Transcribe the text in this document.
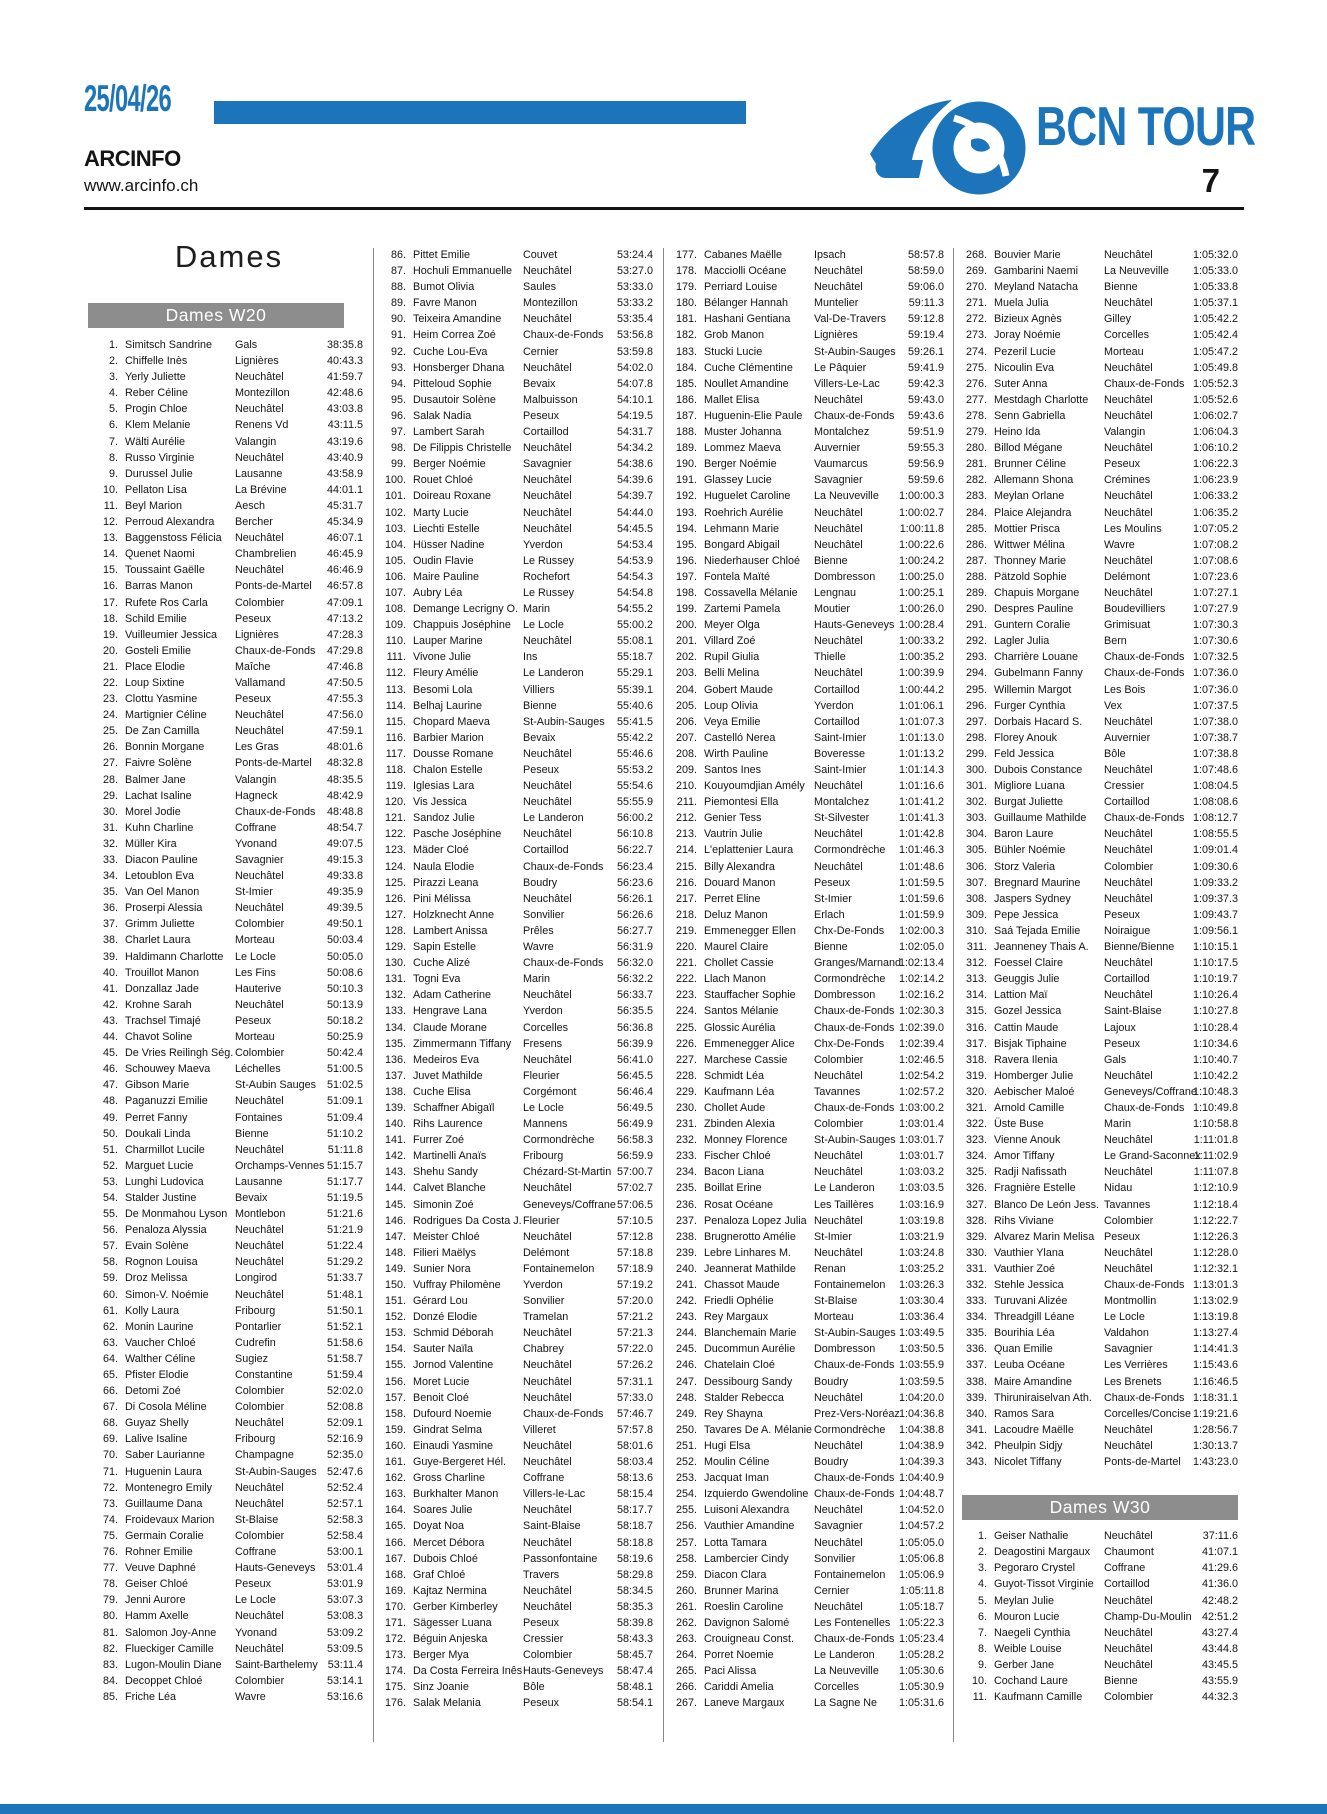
25/04/26
ARCINFO
www.arcinfo.ch
BCN TOUR
7
Dames
Dames W20
1. Simitsch Sandrine	Gals	38:35.8
2. Chiffelle Inès	Lignières	40:43.3
3. Yerly Juliette	Neuchâtel	41:59.7
4. Reber Céline	Montezillon	42:48.6
5. Progin Chloe	Neuchâtel	43:03.8
6. Klem Melanie	Renens Vd	43:11.5
7. Wälti Aurélie	Valangin	43:19.6
8. Russo Virginie	Neuchâtel	43:40.9
9. Durussel Julie	Lausanne	43:58.9
10. Pellaton Lisa	La Brévine	44:01.1
11. Beyl Marion	Aesch	45:31.7
12. Perroud Alexandra	Bercher	45:34.9
13. Baggenstoss Félicia	Neuchâtel	46:07.1
14. Quenet Naomi	Chambrelien	46:45.9
15. Toussaint Gaëlle	Neuchâtel	46:46.9
16. Barras Manon	Ponts-de-Martel	46:57.8
17. Rufete Ros Carla	Colombier	47:09.1
18. Schild Emilie	Peseux	47:13.2
19. Vuilleumier Jessica	Lignières	47:28.3
20. Gosteli Emilie	Chaux-de-Fonds	47:29.8
21. Place Elodie	Maîche	47:46.8
22. Loup Sixtine	Vallamand	47:50.5
23. Clottu Yasmine	Peseux	47:55.3
24. Martignier Céline	Neuchâtel	47:56.0
25. De Zan Camilla	Neuchâtel	47:59.1
26. Bonnin Morgane	Les Gras	48:01.6
27. Faivre Solène	Ponts-de-Martel	48:32.8
28. Balmer Jane	Valangin	48:35.5
29. Lachat Isaline	Hagneck	48:42.9
30. Morel Jodie	Chaux-de-Fonds	48:48.8
31. Kuhn Charline	Coffrane	48:54.7
32. Müller Kira	Yvonand	49:07.5
33. Diacon Pauline	Savagnier	49:15.3
34. Letoublon Eva	Neuchâtel	49:33.8
35. Van Oel Manon	St-Imier	49:35.9
36. Proserpi Alessia	Neuchâtel	49:39.5
37. Grimm Juliette	Colombier	49:50.1
38. Charlet Laura	Morteau	50:03.4
39. Haldimann Charlotte	Le Locle	50:05.0
40. Trouillot Manon	Les Fins	50:08.6
41. Donzallaz Jade	Hauterive	50:10.3
42. Krohne Sarah	Neuchâtel	50:13.9
43. Trachsel Timajé	Peseux	50:18.2
44. Chavot Soline	Morteau	50:25.9
45. De Vries Reilingh Ség. Colombier	50:42.4
46. Schouwey Maeva	Léchelles	51:00.5
47. Gibson Marie	St-Aubin Sauges	51:02.5
48. Paganuzzi Emilie	Neuchâtel	51:09.1
49. Perret Fanny	Fontaines	51:09.4
50. Doukali Linda	Bienne	51:10.2
51. Charmillot Lucile	Neuchâtel	51:11.8
52. Marguet Lucie	Orchamps-Vennes 51:15.7
53. Lunghi Ludovica	Lausanne	51:17.7
54. Stalder Justine	Bevaix	51:19.5
55. De Monmahou Lyson Montlebon	51:21.6
56. Penaloza Alyssia	Neuchâtel	51:21.9
57. Evain Solène	Neuchâtel	51:22.4
58. Rognon Louisa	Neuchâtel	51:29.2
59. Droz Melissa	Longirod	51:33.7
60. Simon-V. Noémie	Neuchâtel	51:48.1
61. Kolly Laura	Fribourg	51:50.1
62. Monin Laurine	Pontarlier	51:52.1
63. Vaucher Chloé	Cudrefin	51:58.6
64. Walther Céline	Sugiez	51:58.7
65. Pfister Elodie	Constantine	51:59.4
66. Detomi Zoé	Colombier	52:02.0
67. Di Cosola Méline	Colombier	52:08.8
68. Guyaz Shelly	Neuchâtel	52:09.1
69. Lalive Isaline	Fribourg	52:16.9
70. Saber Laurianne	Champagne	52:35.0
71. Huguenin Laura	St-Aubin-Sauges 52:47.6
72. Montenegro Emily	Neuchâtel	52:52.4
73. Guillaume Dana	Neuchâtel	52:57.1
74. Froidevaux Marion	St-Blaise	52:58.3
75. Germain Coralie	Colombier	52:58.4
76. Rohner Emilie	Coffrane	53:00.1
77. Veuve Daphné	Hauts-Geneveys	53:01.4
78. Geiser Chloé	Peseux	53:01.9
79. Jenni Aurore	Le Locle	53:07.3
80. Hamm Axelle	Neuchâtel	53:08.3
81. Salomon Joy-Anne	Yvonand	53:09.2
82. Flueckiger Camille	Neuchâtel	53:09.5
83. Lugon-Moulin Diane	Saint-Barthelemy 53:11.4
84. Decoppet Chloé	Colombier	53:14.1
85. Friche Léa	Wavre	53:16.6
86. Pittet Emilie	Couvet	53:24.4
87. Hochuli Emmanuelle	Neuchâtel	53:27.0
88. Bumot Olivia	Saules	53:33.0
89. Favre Manon	Montezillon	53:33.2
90. Teixeira Amandine	Neuchâtel	53:35.4
91. Heim Correa Zoé	Chaux-de-Fonds	53:56.8
92. Cuche Lou-Eva	Cernier	53:59.8
93. Honsberger Dhana	Neuchâtel	54:02.0
94. Pitteloud Sophie	Bevaix	54:07.8
95. Dusautoir Solène	Malbuisson	54:10.1
96. Salak Nadia	Peseux	54:19.5
97. Lambert Sarah	Cortaillod	54:31.7
98. De Filippis Christelle	Neuchâtel	54:34.2
99. Berger Noémie	Savagnier	54:38.6
100. Rouet Chloé	Neuchâtel	54:39.6
101. Doireau Roxane	Neuchâtel	54:39.7
102. Marty Lucie	Neuchâtel	54:44.0
103. Liechti Estelle	Neuchâtel	54:45.5
104. Hüsser Nadine	Yverdon	54:53.4
105. Oudin Flavie	Le Russey	54:53.9
106. Maire Pauline	Rochefort	54:54.3
107. Aubry Léa	Le Russey	54:54.8
108. Demange Lecrigny O. Marin	54:55.2
109. Chappuis Joséphine	Le Locle	55:00.2
110. Lauper Marine	Neuchâtel	55:08.1
111. Vivone Julie	Ins	55:18.7
112. Fleury Amélie	Le Landeron	55:29.1
113. Besomi Lola	Villiers	55:39.1
114. Belhaj Laurine	Bienne	55:40.6
115. Chopard Maeva	St-Aubin-Sauges	55:41.5
116. Barbier Marion	Bevaix	55:42.2
117. Dousse Romane	Neuchâtel	55:46.6
118. Chalon Estelle	Peseux	55:53.2
119. Iglesias Lara	Neuchâtel	55:54.6
120. Vis Jessica	Neuchâtel	55:55.9
121. Sandoz Julie	Le Landeron	56:00.2
122. Pasche Joséphine	Neuchâtel	56:10.8
123. Mäder Cloé	Cortaillod	56:22.7
124. Naula Elodie	Chaux-de-Fonds	56:23.4
125. Pirazzi Leana	Boudry	56:23.6
126. Pini Mélissa	Neuchâtel	56:26.1
127. Holzknecht Anne	Sonvilier	56:26.6
128. Lambert Anissa	Prêles	56:27.7
129. Sapin Estelle	Wavre	56:31.9
130. Cuche Alizé	Chaux-de-Fonds	56:32.0
131. Togni Eva	Marin	56:32.2
132. Adam Catherine	Neuchâtel	56:33.7
133. Hengrave Lana	Yverdon	56:35.5
134. Claude Morane	Corcelles	56:36.8
135. Zimmermann Tiffany	Fresens	56:39.9
136. Medeiros Eva	Neuchâtel	56:41.0
137. Juvet Mathilde	Fleurier	56:45.5
138. Cuche Elisa	Corgémont	56:46.4
139. Schaffner Abigaïl	Le Locle	56:49.5
140. Rihs Laurence	Mannens	56:49.9
141. Furrer Zoé	Cormondrèche	56:58.3
142. Martinelli Anaïs	Fribourg	56:59.9
143. Shehu Sandy	Chézard-St-Martin 57:00.7
144. Calvet Blanche	Neuchâtel	57:02.7
145. Simonin Zoé	Geneveys/Coffrane 57:06.5
146. Rodrigues Da Costa J. Fleurier	57:10.5
147. Meister Chloé	Neuchâtel	57:12.8
148. Filieri Maëlys	Delémont	57:18.8
149. Sunier Nora	Fontainemelon	57:18.9
150. Vuffray Philomène	Yverdon	57:19.2
151. Gérard Lou	Sonvilier	57:20.0
152. Donzé Elodie	Tramelan	57:21.2
153. Schmid Déborah	Neuchâtel	57:21.3
154. Sauter Naïla	Chabrey	57:22.0
155. Jornod Valentine	Neuchâtel	57:26.2
156. Moret Lucie	Neuchâtel	57:31.1
157. Benoit Cloé	Neuchâtel	57:33.0
158. Dufourd Noemie	Chaux-de-Fonds	57:46.7
159. Gindrat Selma	Villeret	57:57.8
160. Einaudi Yasmine	Neuchâtel	58:01.6
161. Guye-Bergeret Hél.	Neuchâtel	58:03.4
162. Gross Charline	Coffrane	58:13.6
163. Burkhalter Manon	Villers-le-Lac	58:15.4
164. Soares Julie	Neuchâtel	58:17.7
165. Doyat Noa	Saint-Blaise	58:18.7
166. Mercet Débora	Neuchâtel	58:18.8
167. Dubois Chloé	Passonfontaine	58:19.6
168. Graf Chloé	Travers	58:29.8
169. Kajtaz Nermina	Neuchâtel	58:34.5
170. Gerber Kimberley	Neuchâtel	58:35.3
171. Sägesser Luana	Peseux	58:39.8
172. Béguin Anjeska	Cressier	58:43.3
173. Berger Mya	Colombier	58:45.7
174. Da Costa Ferreira Inês Hauts-Geneveys	58:47.4
175. Sinz Joanie	Bôle	58:48.1
176. Salak Melania	Peseux	58:54.1
177. Cabanes Maëlle	Ipsach	58:57.8
178. Macciolli Océane	Neuchâtel	58:59.0
179. Perriard Louise	Neuchâtel	59:06.0
180. Bélanger Hannah	Muntelier	59:11.3
181. Hashani Gentiana	Val-De-Travers	59:12.8
182. Grob Manon	Lignières	59:19.4
183. Stucki Lucie	St-Aubin-Sauges	59:26.1
184. Cuche Clémentine	Le Pâquier	59:41.9
185. Noullet Amandine	Villers-Le-Lac	59:42.3
186. Mallet Elisa	Neuchâtel	59:43.0
187. Huguenin-Elie Paule	Chaux-de-Fonds	59:43.6
188. Muster Johanna	Montalchez	59:51.9
189. Lommez Maeva	Auvernier	59:55.3
190. Berger Noémie	Vaumarcus	59:56.9
191. Glassey Lucie	Savagnier	59:59.6
192. Huguelet Caroline	La Neuveville	1:00:00.3
193. Roehrich Aurélie	Neuchâtel	1:00:02.7
194. Lehmann Marie	Neuchâtel	1:00:11.8
195. Bongard Abigail	Neuchâtel	1:00:22.6
196. Niederhauser Chloé	Bienne	1:00:24.2
197. Fontela Maïté	Dombresson	1:00:25.0
198. Cossavella Mélanie	Lengnau	1:00:25.1
199. Zartemi Pamela	Moutier	1:00:26.0
200. Meyer Olga	Hauts-Geneveys 1:00:28.4
201. Villard Zoé	Neuchâtel	1:00:33.2
202. Rupil Giulia	Thielle	1:00:35.2
203. Belli Melina	Neuchâtel	1:00:39.9
204. Gobert Maude	Cortaillod	1:00:44.2
205. Loup Olivia	Yverdon	1:01:06.1
206. Veya Emilie	Cortaillod	1:01:07.3
207. Castelló Nerea	Saint-Imier	1:01:13.0
208. Wirth Pauline	Boveresse	1:01:13.2
209. Santos Ines	Saint-Imier	1:01:14.3
210. Kouyoumdjian Amély Neuchâtel	1:01:16.6
211. Piemontesi Ella	Montalchez	1:01:41.2
212. Genier Tess	St-Silvester	1:01:41.3
213. Vautrin Julie	Neuchâtel	1:01:42.8
214. L'eplattenier Laura	Cormondrèche	1:01:46.3
215. Billy Alexandra	Neuchâtel	1:01:48.6
216. Douard Manon	Peseux	1:01:59.5
217. Perret Eline	St-Imier	1:01:59.6
218. Deluz Manon	Erlach	1:01:59.9
219. Emmenegger Ellen	Chx-De-Fonds	1:02:00.3
220. Maurel Claire	Bienne	1:02:05.0
221. Chollet Cassie	Granges/Marnand
1:02:13.4
222. Llach Manon	Cormondrèche	1:02:14.2
223. Stauffacher Sophie	Dombresson	1:02:16.2
224. Santos Mélanie	Chaux-de-Fonds 1:02:30.3
225. Glossic Aurélia	Chaux-de-Fonds 1:02:39.0
226. Emmenegger Alice	Chx-De-Fonds	1:02:39.4
227. Marchese Cassie	Colombier	1:02:46.5
228. Schmidt Léa	Neuchâtel	1:02:54.2
229. Kaufmann Léa	Tavannes	1:02:57.2
230. Chollet Aude	Chaux-de-Fonds 1:03:00.2
231. Zbinden Alexia	Colombier	1:03:01.4
232. Monney Florence	St-Aubin-Sauges 1:03:01.7
233. Fischer Chloé	Neuchâtel	1:03:01.7
234. Bacon Liana	Neuchâtel	1:03:03.2
235. Boillat Erine	Le Landeron	1:03:03.5
236. Rosat Océane	Les Taillères	1:03:16.9
237. Penaloza Lopez Julia Neuchâtel	1:03:19.8
238. Brugnerotto Amélie	St-Imier	1:03:21.9
239. Lebre Linhares M.	Neuchâtel	1:03:24.8
240. Jeannerat Mathilde	Renan	1:03:25.2
241. Chassot Maude	Fontainemelon	1:03:26.3
242. Friedli Ophélie	St-Blaise	1:03:30.4
243. Rey Margaux	Morteau	1:03:36.4
244. Blanchemain Marie	St-Aubin-Sauges 1:03:49.5
245. Ducommun Aurélie	Dombresson	1:03:50.5
246. Chatelain Cloé	Chaux-de-Fonds 1:03:55.9
247. Dessibourg Sandy	Boudry	1:03:59.5
248. Stalder Rebecca	Neuchâtel	1:04:20.0
249. Rey Shayna	Prez-Vers-Noréaz 1:04:36.8
250. Tavares De A. Mélanie Cormondrèche	1:04:38.8
251. Hugi Elsa	Neuchâtel	1:04:38.9
252. Moulin Céline	Boudry	1:04:39.3
253. Jacquat Iman	Chaux-de-Fonds 1:04:40.9
254. Izquierdo Gwendoline Chaux-de-Fonds 1:04:48.7
255. Luisoni Alexandra	Neuchâtel	1:04:52.0
256. Vauthier Amandine	Savagnier	1:04:57.2
257. Lotta Tamara	Neuchâtel	1:05:05.0
258. Lambercier Cindy	Sonvilier	1:05:06.8
259. Diacon Clara	Fontainemelon	1:05:06.9
260. Brunner Marina	Cernier	1:05:11.8
261. Roeslin Caroline	Neuchâtel	1:05:18.7
262. Davignon Salomé	Les Fontenelles 1:05:22.3
263. Crouigneau Const.	Chaux-de-Fonds 1:05:23.4
264. Porret Noemie	Le Landeron	1:05:28.2
265. Paci Alissa	La Neuveville	1:05:30.6
266. Cariddi Amelia	Corcelles	1:05:30.9
267. Laneve Margaux	La Sagne Ne	1:05:31.6
268. Bouvier Marie	Neuchâtel	1:05:32.0
269. Gambarini Naemi	La Neuveville	1:05:33.0
270. Meyland Natacha	Bienne	1:05:33.8
271. Muela Julia	Neuchâtel	1:05:37.1
272. Bizieux Agnès	Gilley	1:05:42.2
273. Joray Noémie	Corcelles	1:05:42.4
274. Pezeril Lucie	Morteau	1:05:47.2
275. Nicoulin Eva	Neuchâtel	1:05:49.8
276. Suter Anna	Chaux-de-Fonds 1:05:52.3
277. Mestdagh Charlotte	Neuchâtel	1:05:52.6
278. Senn Gabriella	Neuchâtel	1:06:02.7
279. Heino Ida	Valangin	1:06:04.3
280. Billod Mégane	Neuchâtel	1:06:10.2
281. Brunner Céline	Peseux	1:06:22.3
282. Allemann Shona	Crémines	1:06:23.9
283. Meylan Orlane	Neuchâtel	1:06:33.2
284. Plaice Alejandra	Neuchâtel	1:06:35.2
285. Mottier Prisca	Les Moulins	1:07:05.2
286. Wittwer Mélina	Wavre	1:07:08.2
287. Thonney Marie	Neuchâtel	1:07:08.6
288. Pätzold Sophie	Delémont	1:07:23.6
289. Chapuis Morgane	Neuchâtel	1:07:27.1
290. Despres Pauline	Boudevilliers	1:07:27.9
291. Guntern Coralie	Grimisuat	1:07:30.3
292. Lagler Julia	Bern	1:07:30.6
293. Charrière Louane	Chaux-de-Fonds 1:07:32.5
294. Gubelmann Fanny	Chaux-de-Fonds 1:07:36.0
295. Willemin Margot	Les Bois	1:07:36.0
296. Furger Cynthia	Vex	1:07:37.5
297. Dorbais Hacard S.	Neuchâtel	1:07:38.0
298. Florey Anouk	Auvernier	1:07:38.7
299. Feld Jessica	Bôle	1:07:38.8
300. Dubois Constance	Neuchâtel	1:07:48.6
301. Migliore Luana	Cressier	1:08:04.5
302. Burgat Juliette	Cortaillod	1:08:08.6
303. Guillaume Mathilde	Chaux-de-Fonds 1:08:12.7
304. Baron Laure	Neuchâtel	1:08:55.5
305. Bühler Noémie	Neuchâtel	1:09:01.4
306. Storz Valeria	Colombier	1:09:30.6
307. Bregnard Maurine	Neuchâtel	1:09:33.2
308. Jaspers Sydney	Neuchâtel	1:09:37.3
309. Pepe Jessica	Peseux	1:09:43.7
310. Saá Tejada Emilie	Noiraigue	1:09:56.1
311. Jeanneney Thais A.	Bienne/Bienne	1:10:15.1
312. Foessel Claire	Neuchâtel	1:10:17.5
313. Geuggis Julie	Cortaillod	1:10:19.7
314. Lattion Maï	Neuchâtel	1:10:26.4
315. Gozel Jessica	Saint-Blaise	1:10:27.8
316. Cattin Maude	Lajoux	1:10:28.4
317. Bisjak Tiphaine	Peseux	1:10:34.6
318. Ravera Ilenia	Gals	1:10:40.7
319. Homberger Julie	Neuchâtel	1:10:42.2
320. Aebischer Maloé	Geneveys/Coffrane
1:10:48.3
321. Arnold Camille	Chaux-de-Fonds 1:10:49.8
322. Üste Buse	Marin	1:10:58.8
323. Vienne Anouk	Neuchâtel	1:11:01.8
324. Amor Tiffany	Le Grand-Saconnex
1:11:02.9
325. Radji Nafissath	Neuchâtel	1:11:07.8
326. Fragnière Estelle	Nidau	1:12:10.9
327. Blanco De León Jess. Tavannes	1:12:18.4
328. Rihs Viviane	Colombier	1:12:22.7
329. Alvarez Marin Melisa Peseux	1:12:26.3
330. Vauthier Ylana	Neuchâtel	1:12:28.0
331. Vauthier Zoé	Neuchâtel	1:12:32.1
332. Stehle Jessica	Chaux-de-Fonds 1:13:01.3
333. Turuvani Alizée	Montmollin	1:13:02.9
334. Threadgill Léane	Le Locle	1:13:19.8
335. Bourihia Léa	Valdahon	1:13:27.4
336. Quan Emilie	Savagnier	1:14:41.3
337. Leuba Océane	Les Verrières	1:15:43.6
338. Maire Amandine	Les Brenets	1:16:46.5
339. Thiruniraiselvan Ath.	Chaux-de-Fonds 1:18:31.1
340. Ramos Sara	Corcelles/Concise 1:19:21.6
341. Lacoudre Maëlle	Neuchâtel	1:28:56.7
342. Pheulpin Sidjy	Neuchâtel	1:30:13.7
343. Nicolet Tiffany	Ponts-de-Martel	1:43:23.0
Dames W30
1. Geiser Nathalie	Neuchâtel	37:11.6
2. Deagostini Margaux	Chaumont	41:07.1
3. Pegoraro Crystel	Coffrane	41:29.6
4. Guyot-Tissot Virginie Cortaillod	41:36.0
5. Meylan Julie	Neuchâtel	42:48.2
6. Mouron Lucie	Champ-Du-Moulin 42:51.2
7. Naegeli Cynthia	Neuchâtel	43:27.4
8. Weible Louise	Neuchâtel	43:44.8
9. Gerber Jane	Neuchâtel	43:45.5
10. Cochand Laure	Bienne	43:55.9
11. Kaufmann Camille	Colombier	44:32.3
